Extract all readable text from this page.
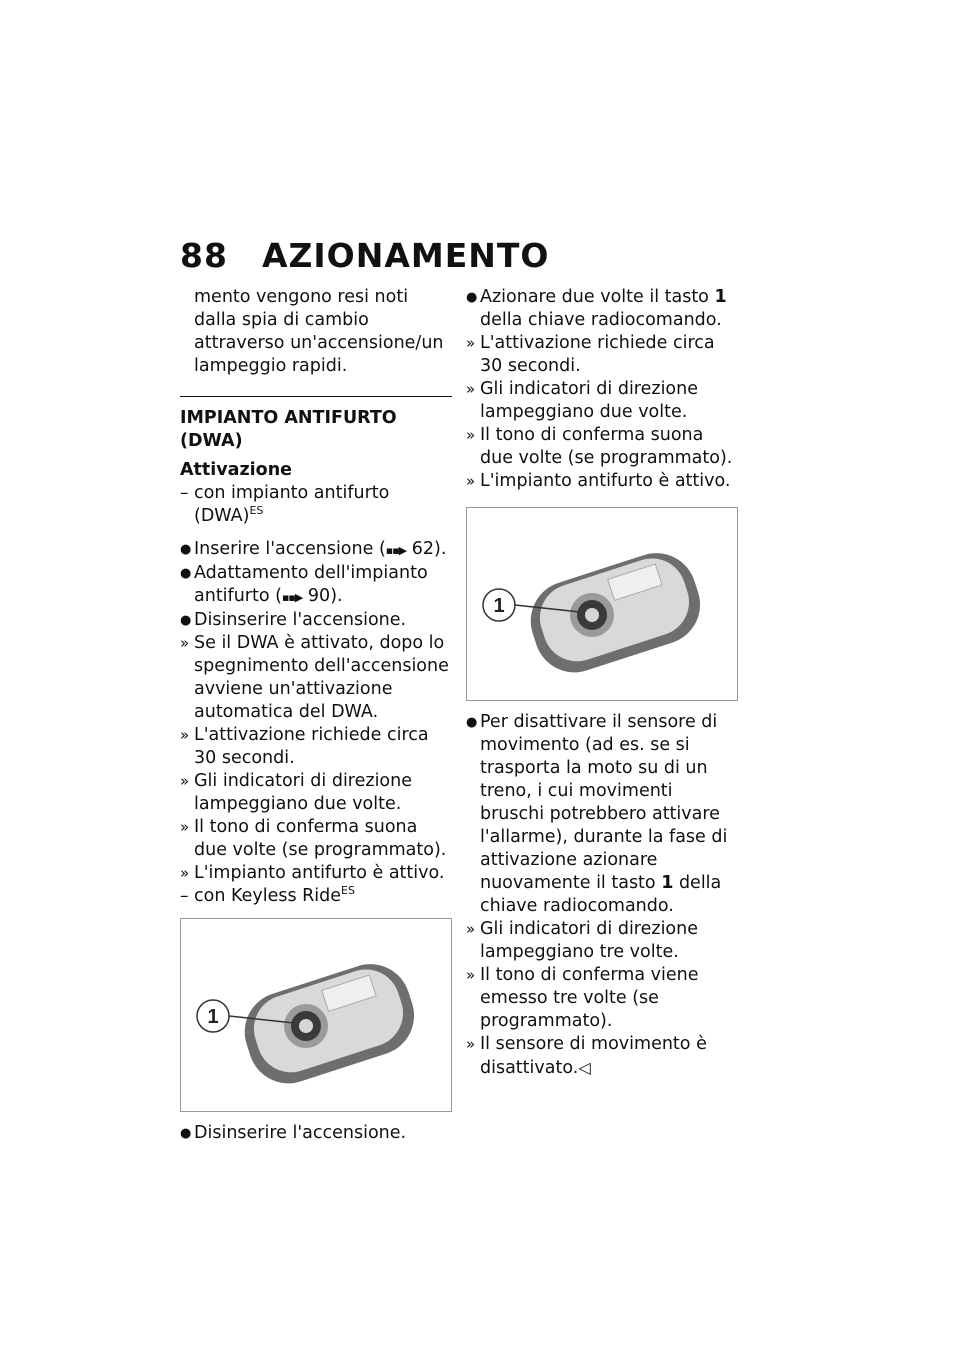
88 AZIONAMENTO
mento vengono resi noti dalla spia di cambio attraverso un'accensione/un lampeggio rapidi.
IMPIANTO ANTIFURTO (DWA)
Attivazione
– con impianto antifurto (DWA)$^{ES}$
● Inserire l'accensione (▪▪▶ 62).
● Adattamento dell'impianto antifurto (▪▪▶ 90).
● Disinserire l'accensione.
» Se il DWA è attivato, dopo lo spegnimento dell'accensione avviene un'attivazione automatica del DWA.
» L'attivazione richiede circa 30 secondi.
» Gli indicatori di direzione lampeggiano due volte.
» Il tono di conferma suona due volte (se programmato).
» L'impianto antifurto è attivo.
– con Keyless Ride$^{ES}$
1
● Disinserire l'accensione.
● Azionare due volte il tasto 1 della chiave radiocomando.
» L'attivazione richiede circa 30 secondi.
» Gli indicatori di direzione lampeggiano due volte.
» Il tono di conferma suona due volte (se programmato).
» L'impianto antifurto è attivo.
1
● Per disattivare il sensore di movimento (ad es. se si trasporta la moto su di un treno, i cui movimenti bruschi potrebbero attivare l'allarme), durante la fase di attivazione azionare nuovamente il tasto 1 della chiave radiocomando.
» Gli indicatori di direzione lampeggiano tre volte.
» Il tono di conferma viene emesso tre volte (se programmato).
» Il sensore di movimento è disattivato.◁
